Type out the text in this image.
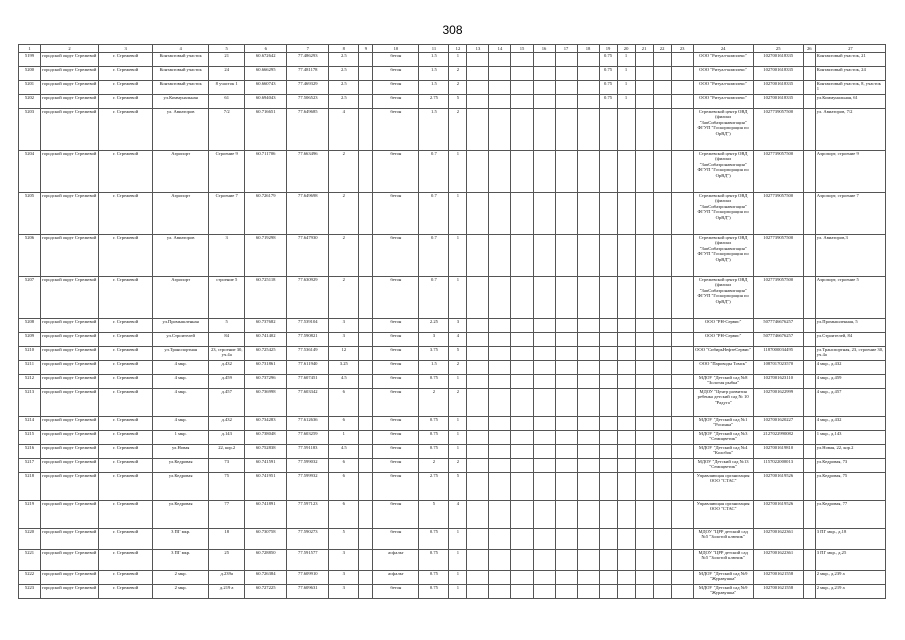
308
1	2	3	4	5	6	7	8	9	10	11	12	13	14	15	16	17	18	19	20	21	22	23	24	25	26	27
5199	городской округ Стрежевой	г. Стрежевой	Контактовый участок	21	60.672642	77.486293	2.5		бетон	1.5	1							0.75	1				ООО "Ритуал-комплекс"	1027001618335		Контактовый участок, 21
5200	городской округ Стрежевой	г. Стрежевой	Контактовый участок	24	60.666295	77.481178	2.5		бетон	1.5	2							0.75	1				ООО "Ритуал-комплекс"	1027001618335		Контактовый участок, 24
5201	городской округ Стрежевой	г. Стрежевой	Контактовый участок	8 участок 1	60.660743	77.469329	2.5		бетон	1.5	2							0.75	1				ООО "Ритуал-комплекс"	1027001618335		Контактовый участок, 8, участок 1
5202	городской округ Стрежевой	г. Стрежевой	ул.Коммунальная	61	60.694043	77.506523	2.5		бетон	2.75	5							0.75	1				ООО "Ритуал-комплекс"	1027001618335		ул.Коммунальная, 61
5203	городской округ Стрежевой	г. Стрежевой	ул. Авиаторов	7/2	60.716651	77.649685	4		бетон	1.5	2												Стрежевской центр ОВД (филиал "ЗапСибаэронавигация" ФГУП "Госкорпорация по ОрВД")	1027739057500		ул. Авиаторов, 7/2
5204	городской округ Стрежевой	г. Стрежевой	Аэропорт	Строение 9	60.711706	77.663496	2		бетон	0.7	1												Стрежевской центр ОВД (филиал "ЗапСибаэронавигация" ФГУП "Госкорпорация по ОрВД")	1027739057500		Аэропорт, строение 9
5205	городской округ Стрежевой	г. Стрежевой	Аэропорт	Строение 7	60.726179	77.649698	2		бетон	0.7	1												Стрежевской центр ОВД (филиал "ЗапСибаэронавигация" ФГУП "Госкорпорация по ОрВД")	1027739057500		Аэропорт, строение 7
5206	городской округ Стрежевой	г. Стрежевой	ул. Авиаторов	3	60.719298	77.647930	2		бетон	0.7	1												Стрежевской центр ОВД (филиал "ЗапСибаэронавигация" ФГУП "Госкорпорация по ОрВД")	1027739057500		ул. Авиаторов,3
5207	городской округ Стрежевой	г. Стрежевой	Аэропорт	строение 5	60.725118	77.630929	2		бетон	0.7	1												Стрежевской центр ОВД (филиал "ЗапСибаэронавигация" ФГУП "Госкорпорация по ОрВД")	1027739057500		Аэропорт, строение 5
5208	городской округ Стрежевой	г. Стрежевой	ул.Промышленная	5	60.737682	77.539104	3		бетон	2.25	3												ООО "РН-Сервис"	5077746676257		ул.Промышленная, 5
5209	городской округ Стрежевой	г. Стрежевой	ул.Строителей	84	60.741402	77.590821	3		бетон	3	4												ООО "РН-Сервис"	5077746676257		ул.Строителей, 84
5210	городской округ Стрежевой	г. Стрежевой	ул.Транспортная	23, строение 30, уч.4а	60.725425	77.536149	12		бетон	3.75	5												ООО "СибирьНефтеСервис"	1187000034495		ул.Транспортная, 23, строение 30, уч.4а
5211	городской округ Стрежевой	г. Стрежевой	4 мкр.	д.432	60.731861	77.611940	3.25		бетон	1.5	2												ООО "Пароводы Томск"	1087017023570		4 мкр., д.432
5212	городской округ Стрежевой	г. Стрежевой	4 мкр.	д.459	60.737296	77.607451	4.5		бетон	0.75	1												МДОУ "Детский сад №8 "Золотая рыбка"	1027001623110		4 мкр., д.459
5213	городской округ Стрежевой	г. Стрежевой	4 мкр.	д.457	60.736998	77.603342	6		бетон	2	2												МДОУ "Центр развития ребенка детский сад № 10 "Радуга"	1027001622999		4 мкр., д.457
5214	городской округ Стрежевой	г. Стрежевой	4 мкр.	д.432	60.734283	77.612636	6		бетон	0.75	1												МДОУ "Детский сад №1 "Росинка"	1027001620227		4 мкр., д.432
5215	городской округ Стрежевой	г. Стрежевой	1 мкр.	д.143	60.738048	77.603259	1		бетон	0.75	1												МДОУ "Детский сад №3 "Семицветик"	2127022990082		1 мкр., д.143
5216	городской округ Стрежевой	г. Стрежевой	ул.Новая	22, кор.2	60.752838	77.591183	4.5		бетон	0.75	1												МДОУ "Детский сад №4 "Колобок"	1027001619810		ул.Новая, 22, кор.2
5217	городской округ Стрежевой	г. Стрежевой	ул.Кедровая	73	60.741591	77.599032	6		бетон	2	2												МДОУ "Детский сад №13 "Семицветик"	1157022000013		ул.Кедровая, 73
5218	городской округ Стрежевой	г. Стрежевой	ул.Кедровая	75	60.741951	77.599932	6		бетон	2.75	5												Управляющая организация ООО "СТАС"	1027001619526		ул.Кедровая, 75
5219	городской округ Стрежевой	г. Стрежевой	ул.Кедровая	77	60.741891	77.597123	6		бетон	5	4												Управляющая организация ООО "СТАС"	1027001619526		ул.Кедровая, 77
5220	городской округ Стрежевой	г. Стрежевой	3 ПГ мкр.	18	60.730758	77.590273	5		бетон	0.75	1												МДОУ "ЦРР детский сад №5 "Золотой ключик"	1027001622361		3 ПГ мкр., д.18
5221	городской округ Стрежевой	г. Стрежевой	3 ПГ мкр.	25	60.728850	77.591577	3		асфальт	0.75	1												МДОУ "ЦРР детский сад №5 "Золотой ключик"	1027001622361		3 ПГ мкр., д.25
5222	городской округ Стрежевой	г. Стрежевой	2 мкр.	д.239а	60.726384	77.609910	3		асфальт	0.75	1												МДОУ "Детский сад №9 "Журавушка"	1027001621558		2 мкр., д.239 а
5223	городской округ Стрежевой	г. Стрежевой	2 мкр.	д.219 а	60.727225	77.609631	3		бетон	0.75	1												МДОУ "Детский сад №9 "Журавушка"	1027001621558		2 мкр., д.219 а
